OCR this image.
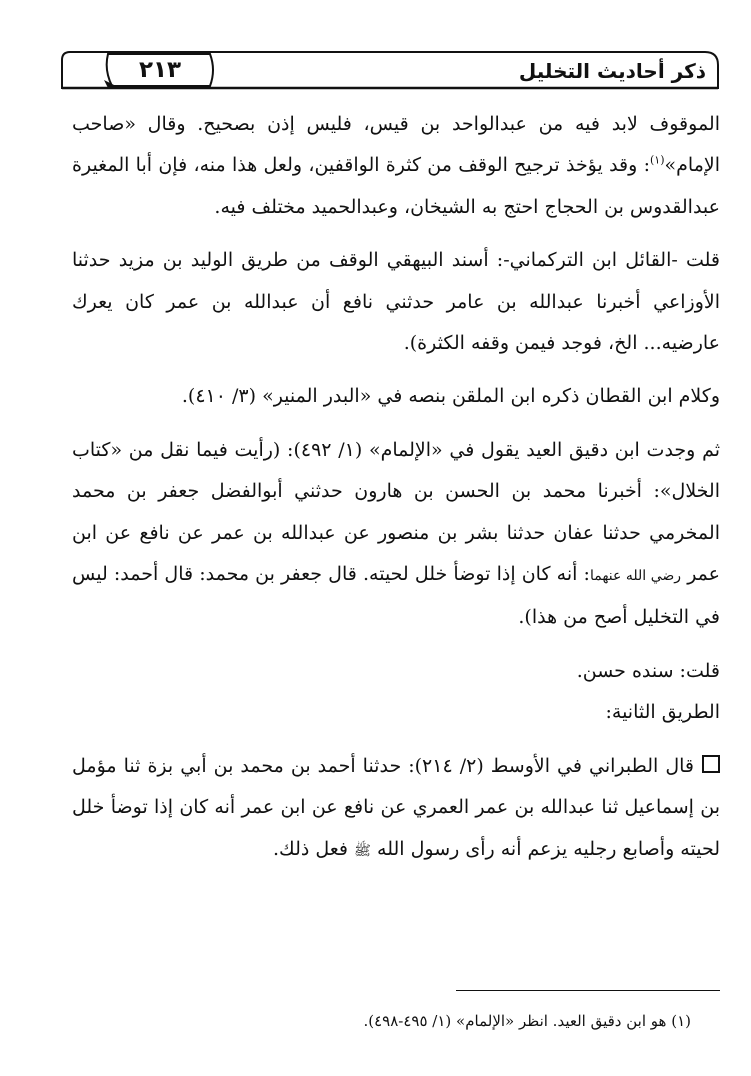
٢١٣	ذكر أحاديث التخليل

الموقوف لابد فيه من عبدالواحد بن قيس، فليس إذن بصحيح. وقال «صاحب الإمام»$^{(١)}$: وقد يؤخذ ترجيح الوقف من كثرة الواقفين، ولعل هذا منه، فإن أبا المغيرة عبدالقدوس بن الحجاج احتج به الشيخان، وعبدالحميد مختلف فيه.

قلت -القائل ابن التركماني-: أسند البيهقي الوقف من طريق الوليد بن مزيد حدثنا الأوزاعي أخبرنا عبدالله بن عامر حدثني نافع أن عبدالله بن عمر كان يعرك عارضيه... الخ، فوجد فيمن وقفه الكثرة).

وكلام ابن القطان ذكره ابن الملقن بنصه في «البدر المنير» (٣/ ٤١٠).

ثم وجدت ابن دقيق العيد يقول في «الإلمام» (١/ ٤٩٢): (رأيت فيما نقل من «كتاب الخلال»: أخبرنا محمد بن الحسن بن هارون حدثني أبوالفضل جعفر بن محمد المخرمي حدثنا عفان حدثنا بشر بن منصور عن عبدالله بن عمر عن نافع عن ابن عمر رضي الله عنهما: أنه كان إذا توضأ خلل لحيته. قال جعفر بن محمد: قال أحمد: ليس في التخليل أصح من هذا).

قلت: سنده حسن.

الطريق الثانية:

قال الطبراني في الأوسط (٢/ ٢١٤): حدثنا أحمد بن محمد بن أبي بزة ثنا مؤمل بن إسماعيل ثنا عبدالله بن عمر العمري عن نافع عن ابن عمر أنه كان إذا توضأ خلل لحيته وأصابع رجليه يزعم أنه رأى رسول الله ﷺ فعل ذلك.

(١) هو ابن دقيق العيد. انظر «الإلمام» (١/ ٤٩٥-٤٩٨).
